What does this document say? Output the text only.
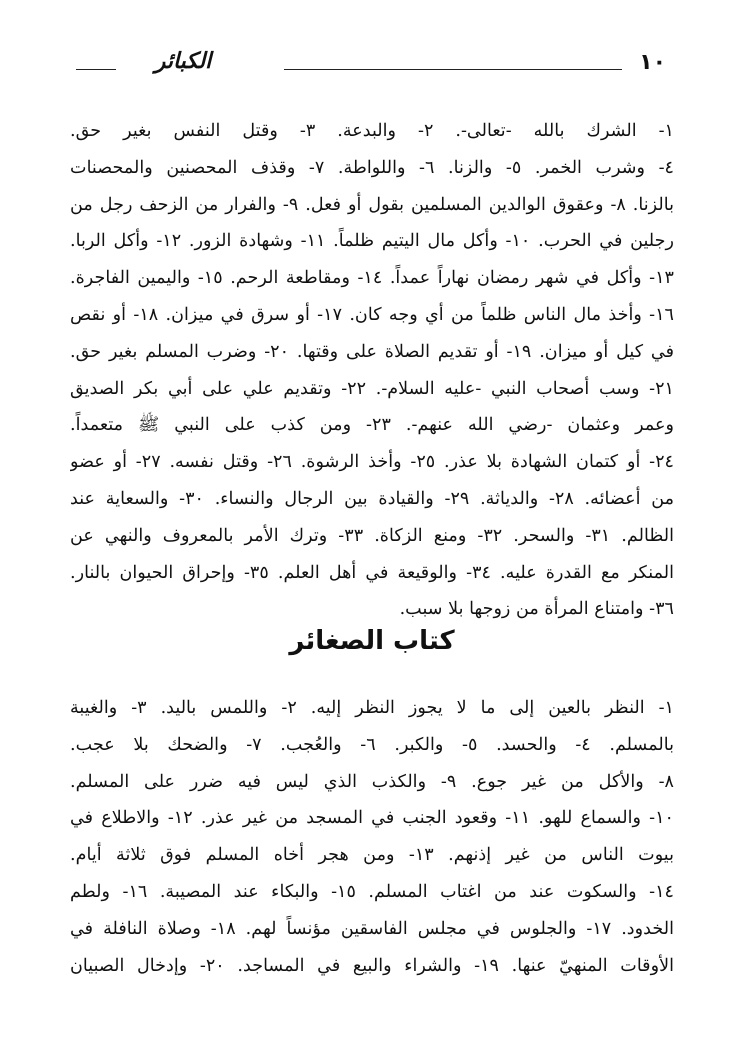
١٠
الكبائر
١- الشرك بالله -تعالى-. ٢- والبدعة. ٣- وقتل النفس بغير حق.
٤- وشرب الخمر. ٥- والزنا. ٦- واللواطة. ٧- وقذف المحصنين والمحصنات
بالزنا. ٨- وعقوق الوالدين المسلمين بقول أو فعل. ٩- والفرار من الزحف رجل من
رجلين في الحرب. ١٠- وأكل مال اليتيم ظلماً. ١١- وشهادة الزور. ١٢- وأكل الربا.
١٣- وأكل في شهر رمضان نهاراً عمداً. ١٤- ومقاطعة الرحم. ١٥- واليمين الفاجرة.
١٦- وأخذ مال الناس ظلماً من أي وجه كان. ١٧- أو سرق في ميزان. ١٨- أو نقص
في كيل أو ميزان. ١٩- أو تقديم الصلاة على وقتها. ٢٠- وضرب المسلم بغير حق.
٢١- وسب أصحاب النبي -عليه السلام-. ٢٢- وتقديم علي على أبي بكر الصديق
وعمر وعثمان -رضي الله عنهم-. ٢٣- ومن كذب على النبي ﷺ متعمداً.
٢٤- أو كتمان الشهادة بلا عذر. ٢٥- وأخذ الرشوة. ٢٦- وقتل نفسه. ٢٧- أو عضو
من أعضائه. ٢٨- والدياثة. ٢٩- والقيادة بين الرجال والنساء. ٣٠- والسعاية عند
الظالم. ٣١- والسحر. ٣٢- ومنع الزكاة. ٣٣- وترك الأمر بالمعروف والنهي عن
المنكر مع القدرة عليه. ٣٤- والوقيعة في أهل العلم. ٣٥- وإحراق الحيوان بالنار.
٣٦- وامتناع المرأة من زوجها بلا سبب.
كتاب الصغائر
١- النظر بالعين إلى ما لا يجوز النظر إليه. ٢- واللمس باليد. ٣- والغيبة
بالمسلم. ٤- والحسد. ٥- والكبر. ٦- والعُجب. ٧- والضحك بلا عجب.
٨- والأكل من غير جوع. ٩- والكذب الذي ليس فيه ضرر على المسلم.
١٠- والسماع للهو. ١١- وقعود الجنب في المسجد من غير عذر. ١٢- والاطلاع في
بيوت الناس من غير إذنهم. ١٣- ومن هجر أخاه المسلم فوق ثلاثة أيام.
١٤- والسكوت عند من اغتاب المسلم. ١٥- والبكاء عند المصيبة. ١٦- ولطم
الخدود. ١٧- والجلوس في مجلس الفاسقين مؤنساً لهم. ١٨- وصلاة النافلة في
الأوقات المنهيّ عنها. ١٩- والشراء والبيع في المساجد. ٢٠- وإدخال الصبيان
